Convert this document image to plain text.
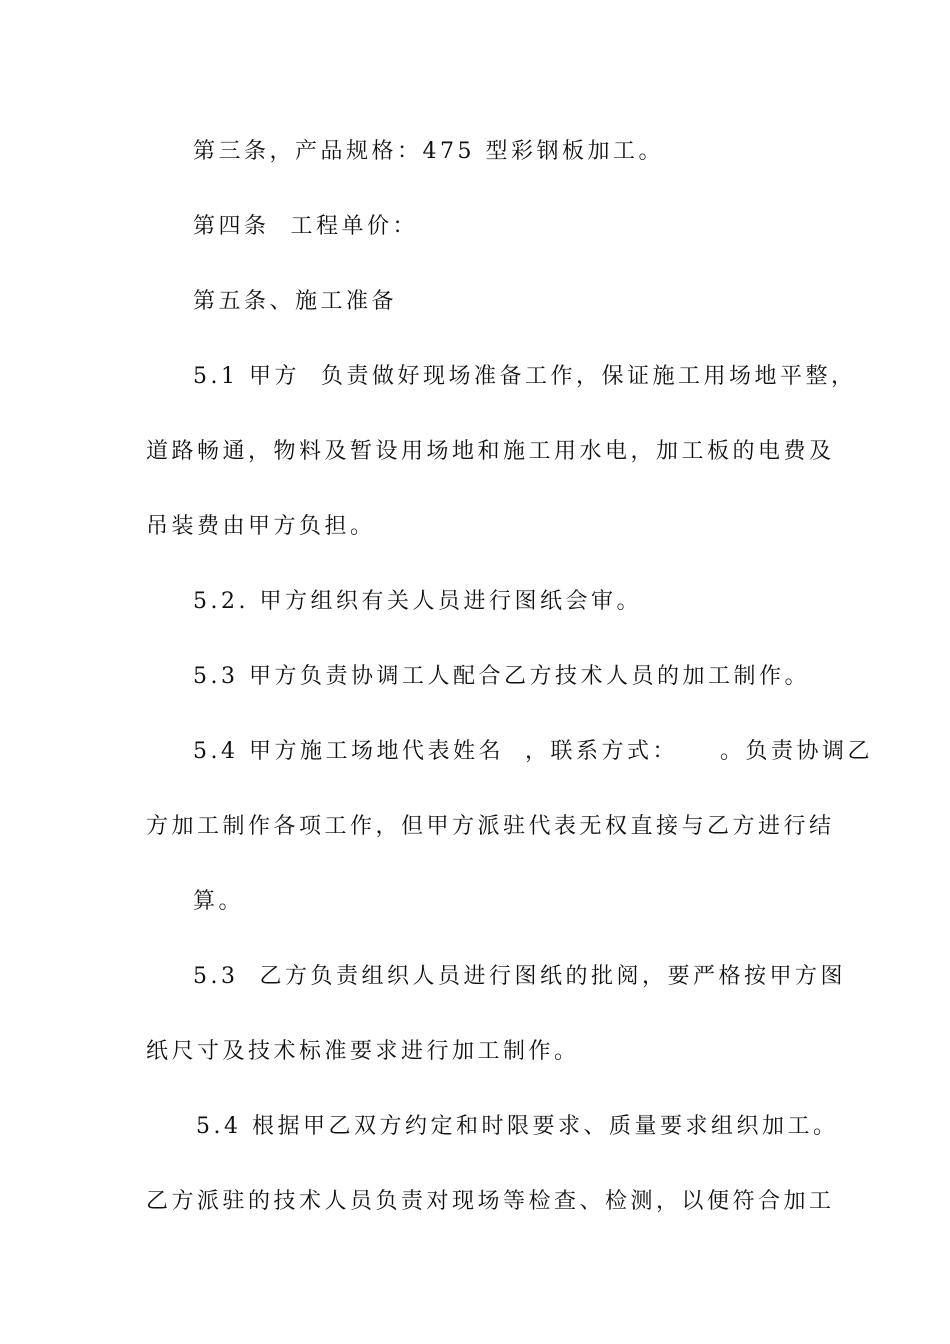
第三条，产品规格：475 型彩钢板加工。

第四条  工程单价：

第五条、施工准备

5.1 甲方  负责做好现场准备工作，保证施工用场地平整，

道路畅通，物料及暂设用场地和施工用水电，加工板的电费及

吊装费由甲方负担。

5.2. 甲方组织有关人员进行图纸会审。

5.3 甲方负责协调工人配合乙方技术人员的加工制作。

5.4 甲方施工场地代表姓名  ，联系方式：    。负责协调乙

方加工制作各项工作，但甲方派驻代表无权直接与乙方进行结

算。

5.3  乙方负责组织人员进行图纸的批阅，要严格按甲方图

纸尺寸及技术标准要求进行加工制作。

5.4 根据甲乙双方约定和时限要求、质量要求组织加工。

乙方派驻的技术人员负责对现场等检查、检测，以便符合加工
